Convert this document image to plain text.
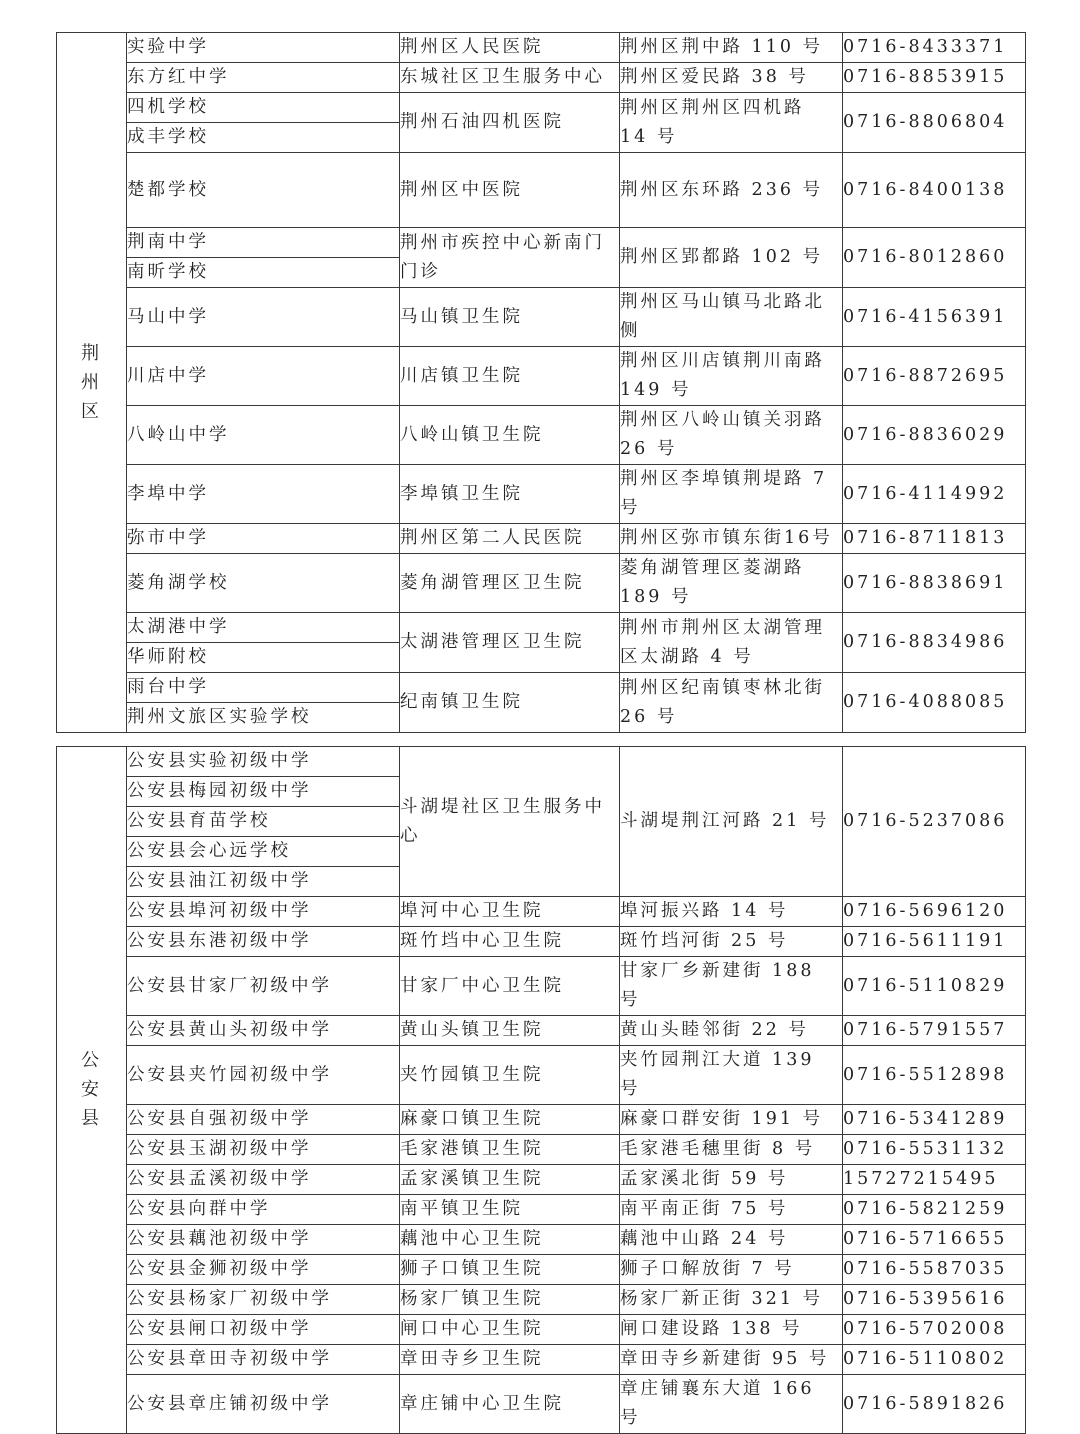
荆
州
区	实验中学	荆州区人民医院	荆州区荆中路 110 号	0716-8433371
	东方红中学	东城社区卫生服务中心	荆州区爱民路 38 号	0716-8853915
	四机学校	荆州石油四机医院	荆州区荆州区四机路 14 号	0716-8806804
	成丰学校			
	楚都学校	荆州区中医院	荆州区东环路 236 号	0716-8400138
	荆南中学	荆州市疾控中心新南门门诊	荆州区郢都路 102 号	0716-8012860
	南昕学校			
	马山中学	马山镇卫生院	荆州区马山镇马北路北侧	0716-4156391
	川店中学	川店镇卫生院	荆州区川店镇荆川南路 149 号	0716-8872695
	八岭山中学	八岭山镇卫生院	荆州区八岭山镇关羽路 26 号	0716-8836029
	李埠中学	李埠镇卫生院	荆州区李埠镇荆堤路 7 号	0716-4114992
	弥市中学	荆州区第二人民医院	荆州区弥市镇东街16号	0716-8711813
	菱角湖学校	菱角湖管理区卫生院	菱角湖管理区菱湖路 189 号	0716-8838691
	太湖港中学	太湖港管理区卫生院	荆州市荆州区太湖管理区太湖路 4 号	0716-8834986
	华师附校			
	雨台中学	纪南镇卫生院	荆州区纪南镇枣林北街 26 号	0716-4088085
	荆州文旅区实验学校			
公
安
县	公安县实验初级中学	斗湖堤社区卫生服务中心	斗湖堤荆江河路 21 号	0716-5237086
	公安县梅园初级中学			
	公安县育苗学校			
	公安县会心远学校			
	公安县油江初级中学			
	公安县埠河初级中学	埠河中心卫生院	埠河振兴路 14 号	0716-5696120
	公安县东港初级中学	斑竹垱中心卫生院	斑竹垱河街 25 号	0716-5611191
	公安县甘家厂初级中学	甘家厂中心卫生院	甘家厂乡新建街 188 号	0716-5110829
	公安县黄山头初级中学	黄山头镇卫生院	黄山头睦邻街 22 号	0716-5791557
	公安县夹竹园初级中学	夹竹园镇卫生院	夹竹园荆江大道 139 号	0716-5512898
	公安县自强初级中学	麻豪口镇卫生院	麻豪口群安街 191 号	0716-5341289
	公安县玉湖初级中学	毛家港镇卫生院	毛家港毛穗里街 8 号	0716-5531132
	公安县孟溪初级中学	孟家溪镇卫生院	孟家溪北街 59 号	15727215495
	公安县向群中学	南平镇卫生院	南平南正街 75 号	0716-5821259
	公安县藕池初级中学	藕池中心卫生院	藕池中山路 24 号	0716-5716655
	公安县金狮初级中学	狮子口镇卫生院	狮子口解放街 7 号	0716-5587035
	公安县杨家厂初级中学	杨家厂镇卫生院	杨家厂新正街 321 号	0716-5395616
	公安县闸口初级中学	闸口中心卫生院	闸口建设路 138 号	0716-5702008
	公安县章田寺初级中学	章田寺乡卫生院	章田寺乡新建街 95 号	0716-5110802
	公安县章庄铺初级中学	章庄铺中心卫生院	章庄铺襄东大道 166 号	0716-5891826
